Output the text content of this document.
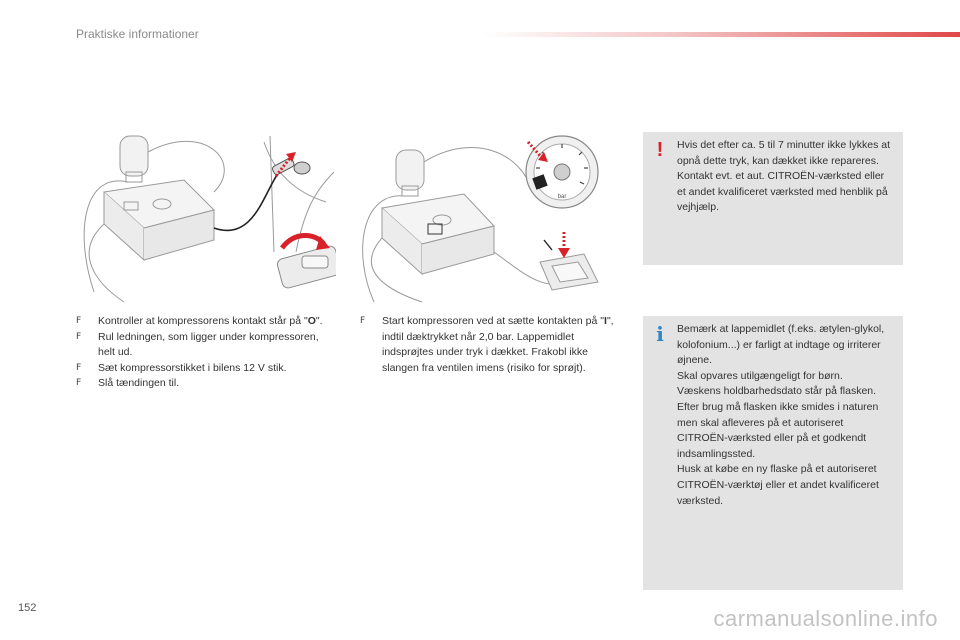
Praktiske informationer
bar
F	Kontroller at kompressorens kontakt står på "O".
F	Rul ledningen, som ligger under kompressoren, helt ud.
F	Sæt kompressorstikket i bilens 12 V stik.
F	Slå tændingen til.
F	Start kompressoren ved at sætte kontakten på "I", indtil dæktrykket når 2,0 bar. Lappemidlet indsprøjtes under tryk i dækket. Frakobl ikke slangen fra ventilen imens (risiko for sprøjt).
!	Hvis det efter ca. 5 til 7 minutter ikke lykkes at opnå dette tryk, kan dækket ikke repareres. Kontakt evt. et aut. CITROËN-værksted eller et andet kvalificeret værksted med henblik på vejhjælp.

i	Bemærk at lappemidlet (f.eks. ætylen-glykol, kolofonium...) er farligt at indtage og irriterer øjnene.

Skal opvares utilgængeligt for børn.

Væskens holdbarhedsdato står på flasken.

Efter brug må flasken ikke smides i naturen men skal afleveres på et autoriseret CITROËN-værksted eller på et godkendt indsamlingssted.

Husk at købe en ny flaske på et autoriseret CITROËN-værktøj eller et andet kvalificeret værksted.

152	carmanualsonline.info
